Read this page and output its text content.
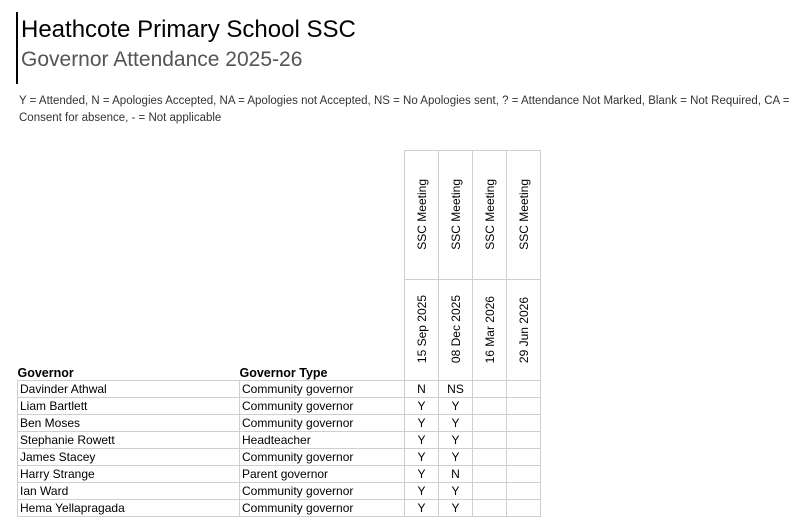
Heathcote Primary School SSC
Governor Attendance 2025-26
Y = Attended, N = Apologies Accepted, NA = Apologies not Accepted, NS = No Apologies sent, ? = Attendance Not Marked, Blank = Not Required, CA = Consent for absence, - = Not applicable
		SSC Meeting	SSC Meeting	SSC Meeting	SSC Meeting
Governor	Governor Type	15 Sep 2025	08 Dec 2025	16 Mar 2026	29 Jun 2026
Davinder Athwal	Community governor	N	NS		
Liam Bartlett	Community governor	Y	Y		
Ben Moses	Community governor	Y	Y		
Stephanie Rowett	Headteacher	Y	Y		
James Stacey	Community governor	Y	Y		
Harry Strange	Parent governor	Y	N		
Ian Ward	Community governor	Y	Y		
Hema Yellapragada	Community governor	Y	Y		
